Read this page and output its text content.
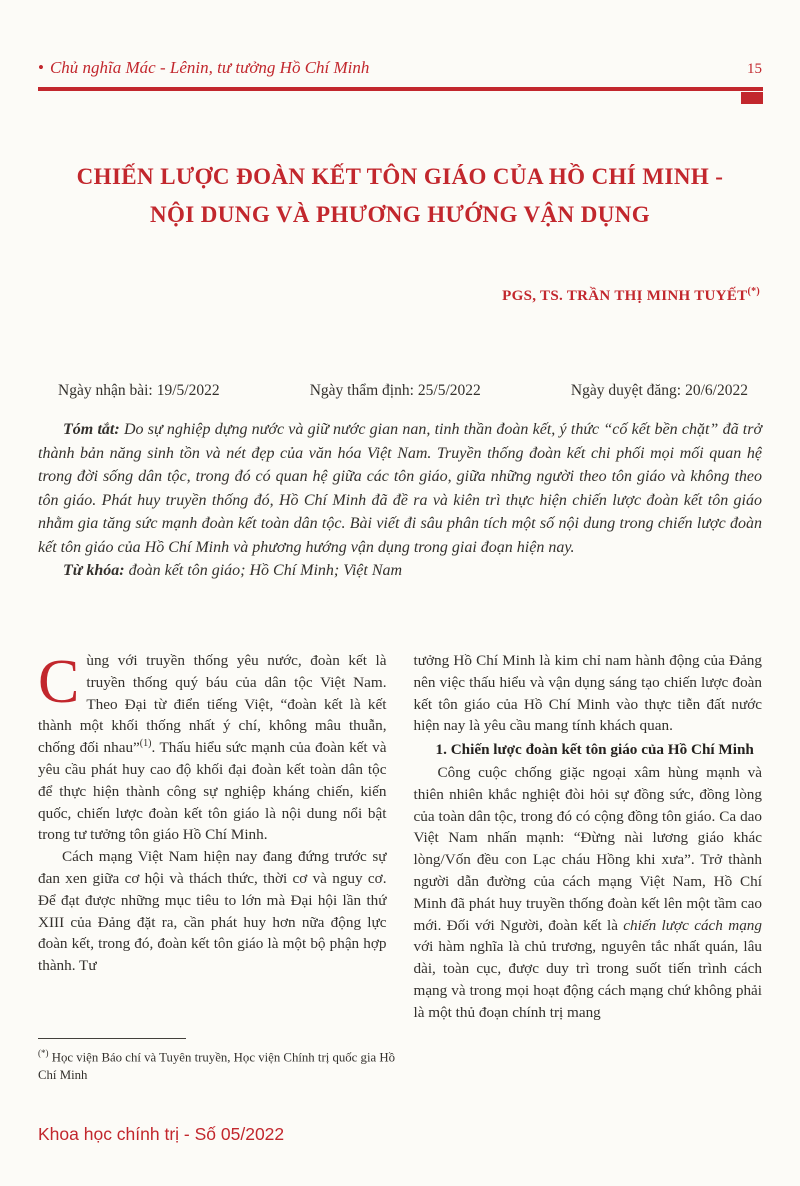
• Chủ nghĩa Mác - Lênin, tư tưởng Hồ Chí Minh	15
CHIẾN LƯỢC ĐOÀN KẾT TÔN GIÁO CỦA HỒ CHÍ MINH -
NỘI DUNG VÀ PHƯƠNG HƯỚNG VẬN DỤNG
PGS, TS. TRẦN THỊ MINH TUYẾT(*)
Ngày nhận bài: 19/5/2022	Ngày thẩm định: 25/5/2022	Ngày duyệt đăng: 20/6/2022

Tóm tắt: Do sự nghiệp dựng nước và giữ nước gian nan, tinh thần đoàn kết, ý thức “cố kết bền chặt” đã trở thành bản năng sinh tồn và nét đẹp của văn hóa Việt Nam. Truyền thống đoàn kết chi phối mọi mối quan hệ trong đời sống dân tộc, trong đó có quan hệ giữa các tôn giáo, giữa những người theo tôn giáo và không theo tôn giáo. Phát huy truyền thống đó, Hồ Chí Minh đã đề ra và kiên trì thực hiện chiến lược đoàn kết tôn giáo nhằm gia tăng sức mạnh đoàn kết toàn dân tộc. Bài viết đi sâu phân tích một số nội dung trong chiến lược đoàn kết tôn giáo của Hồ Chí Minh và phương hướng vận dụng trong giai đoạn hiện nay.

Từ khóa: đoàn kết tôn giáo; Hồ Chí Minh; Việt Nam

Cùng với truyền thống yêu nước, đoàn kết là truyền thống quý báu của dân tộc Việt Nam. Theo Đại từ điển tiếng Việt, “đoàn kết là kết thành một khối thống nhất ý chí, không mâu thuẫn, chống đối nhau”$^{(1)}$. Thấu hiểu sức mạnh của đoàn kết và yêu cầu phát huy cao độ khối đại đoàn kết toàn dân tộc để thực hiện thành công sự nghiệp kháng chiến, kiến quốc, chiến lược đoàn kết tôn giáo là nội dung nổi bật trong tư tưởng tôn giáo Hồ Chí Minh.

Cách mạng Việt Nam hiện nay đang đứng trước sự đan xen giữa cơ hội và thách thức, thời cơ và nguy cơ. Để đạt được những mục tiêu to lớn mà Đại hội lần thứ XIII của Đảng đặt ra, cần phát huy hơn nữa động lực đoàn kết, trong đó, đoàn kết tôn giáo là một bộ phận hợp thành. Tư

tưởng Hồ Chí Minh là kim chỉ nam hành động của Đảng nên việc thấu hiểu và vận dụng sáng tạo chiến lược đoàn kết tôn giáo của Hồ Chí Minh vào thực tiễn đất nước hiện nay là yêu cầu mang tính khách quan.

1. Chiến lược đoàn kết tôn giáo của Hồ Chí Minh

Công cuộc chống giặc ngoại xâm hùng mạnh và thiên nhiên khắc nghiệt đòi hỏi sự đồng sức, đồng lòng của toàn dân tộc, trong đó có cộng đồng tôn giáo. Ca dao Việt Nam nhấn mạnh: “Đừng nài lương giáo khác lòng/Vốn đều con Lạc cháu Hồng khi xưa”. Trở thành người dẫn đường của cách mạng Việt Nam, Hồ Chí Minh đã phát huy truyền thống đoàn kết lên một tầm cao mới. Đối với Người, đoàn kết là chiến lược cách mạng với hàm nghĩa là chủ trương, nguyên tắc nhất quán, lâu dài, toàn cục, được duy trì trong suốt tiến trình cách mạng và trong mọi hoạt động cách mạng chứ không phải là một thủ đoạn chính trị mang

(*) Học viện Báo chí và Tuyên truyền, Học viện Chính trị quốc gia Hồ Chí Minh

Khoa học chính trị - Số 05/2022
